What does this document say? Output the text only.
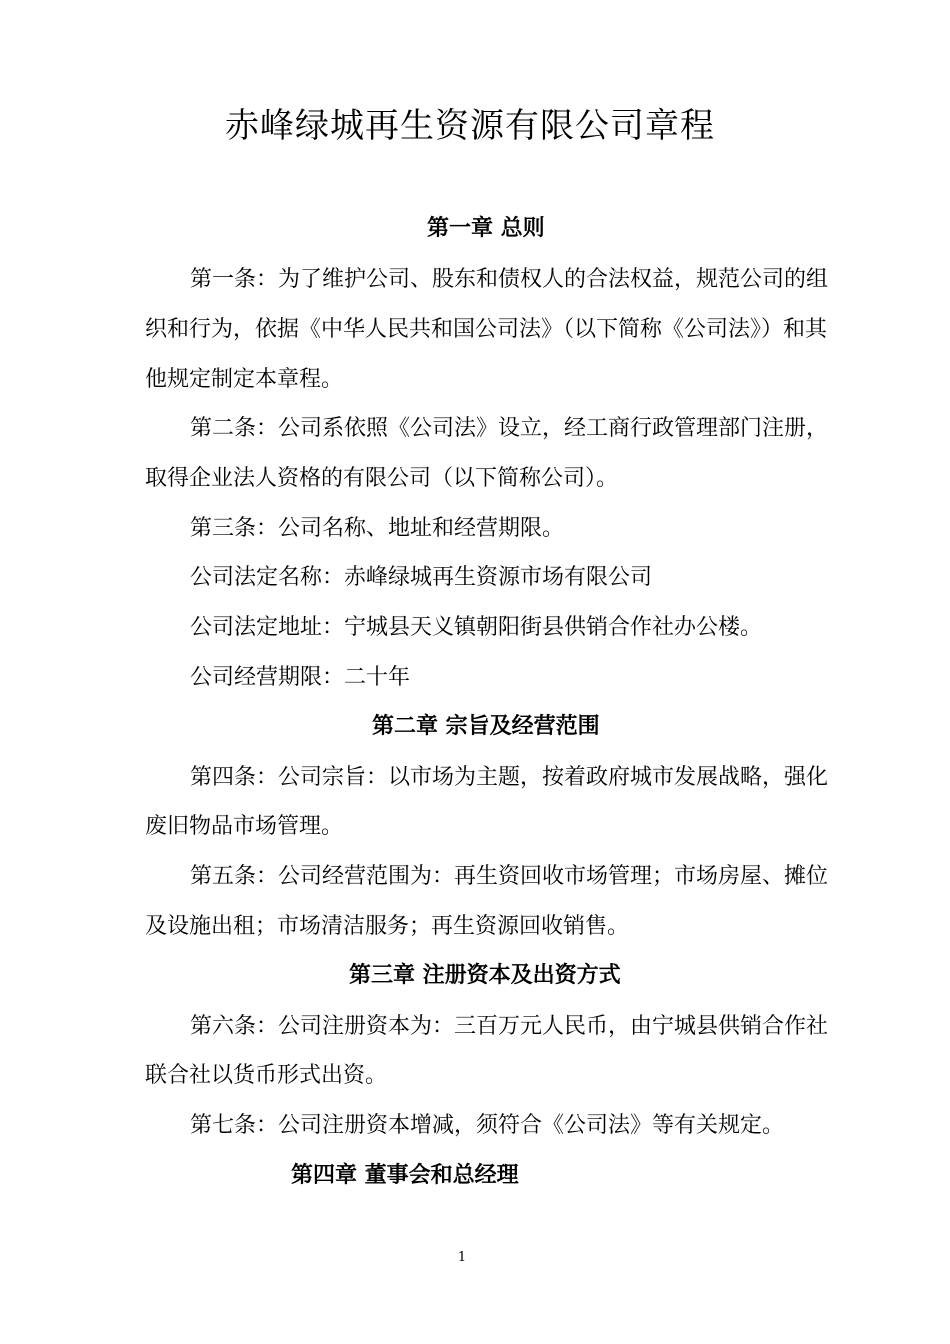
赤峰绿城再生资源有限公司章程
第一章 总则

第一条：为了维护公司、股东和债权人的合法权益，规范公司的组

织和行为，依据《中华人民共和国公司法》（以下简称《公司法》）和其

他规定制定本章程。

第二条：公司系依照《公司法》设立，经工商行政管理部门注册，

取得企业法人资格的有限公司（以下简称公司）。

第三条：公司名称、地址和经营期限。

公司法定名称：赤峰绿城再生资源市场有限公司

公司法定地址：宁城县天义镇朝阳街县供销合作社办公楼。

公司经营期限：二十年

第二章 宗旨及经营范围

第四条：公司宗旨：以市场为主题，按着政府城市发展战略，强化

废旧物品市场管理。

第五条：公司经营范围为：再生资回收市场管理；市场房屋、摊位

及设施出租；市场清洁服务；再生资源回收销售。

第三章 注册资本及出资方式

第六条：公司注册资本为：三百万元人民币，由宁城县供销合作社

联合社以货币形式出资。

第七条：公司注册资本增减，须符合《公司法》等有关规定。

第四章 董事会和总经理
1
